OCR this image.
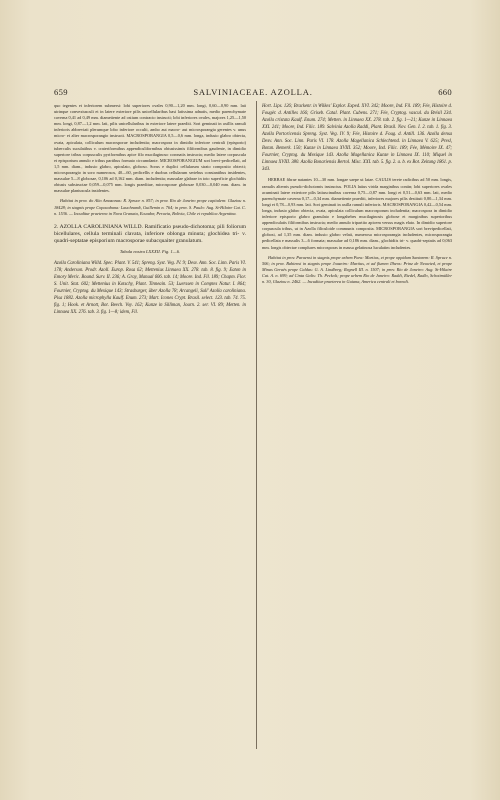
659	SALVINIACEAE. AZOLLA.	660

quo tegentes et inferiorem submersi: lobi superiores ovales 0,90—1,20 mm. longi, 0,60—0,90 mm. lati utrinque convexiusculi et in latere exteriore pilis unicellularibus basi latissima adnatis, medio parenchymate caverna 0,41 ad 0,49 mm. diametiente ad ostium contracto instructi; lobi inferiores ovales, majores 1,25—1,50 mm. longi, 0,87—1,2 mm. lati, pilis unicellularibus in exteriore latere praediti. Sori geminati in axillis ramuli inferioris abbreviati plerumque lobo inferiore occulti, ambo aut macro- aut microsporangia gerentes v. unus micro- et alter macrosporangio instructi. MACROSPORANGIA 0,5—0,6 mm. longa, indusio glabro obtecta, ovata, apiculata, colliculum macrosporae includentia; macrospora in dimidio inferiore centrali (episporio) tuberculis suculatibus v. crateriformibus appendiculiformibus obtusissimis filiformibus gaudente, in dimidio superiore tribus corpusculis pyriformibus apice filo mucilaginoso coronatis instructa; medio latere corpuscula et episporium annulo e tribus partibus formato circumdante. MICROSPORANGIUM sori brevi-pedicellati, ad 1,5 mm. diam., indusio glabro, apiculato, globoso. Sorus e duplici cellularum strato composito obtecti; microsporangio in soro numerosos, 40—60, pedicellis e duobus cellularum seriebus constantibus insidentes, massulae 5—8 globosae, 0,106 ad 0,162 mm. diam. includentia; massulae glabrae in toto superficie glochidiis obtusis substructae 0,059—0,075 mm. longis praeditae, microsporae globosae 0,030—0,040 mm. diam. in massulae planiuscula insidentes.

Habitat in prov. do Alto Amazonas: R. Spruce n. 857; in prov. Rio de Janeiro prope capitalem: Glaziou n. 18428; in stagnis prope Copacabana: Lauchnardt, Guillemin n. 764; in prov. S. Paulo: Aug. St-Hilaire Cat. C. n. 1536. — Incuditur praeterea in Nova Granata, Ecuador, Peruvia, Bolivia, Chile et republica Argentina.

2. AZOLLA CAROLINIANA WILLD. Ramificatio pseudo-dichotoma; pili foliorum bicellulares, cellula terminali clavata, inferiore oblonga minuta; glochidea tri- v. quadri-septatae episporium macrosporae subacquaiter granulatum.

Tabula nostra LXXXII. Fig. 1—6.

Azolla Caroliniana Willd. Spec. Plant. V. 541; Spreng. Syst. Veg. IV. 9; Desv. Ann. Soc. Linn. Paris VI. 178; Anderson. Prodr. Azoll. Europ. Rosa 62; Mettenius Linnaea XX. 278. tab. 8. fig. 9; Eaton in Emory Meric. Bound. Surv. II. 236; A. Gray, Manual 606. tab. 14; Moore. Ind. Fil. 189; Chapm. Flor. S. Unit. Stat. 602; Mettenius in Kotschy, Plant. Tinneain. 53; Luerssen in Comptes Natur. I. 864; Fournier, Cryptog. du Mexique 143; Strasburger, über Azolla 78; Arcangeli, Sull' Azolla caroliniana. Pisa 1882. Azolla microphylla Kaulf. Enum. 273; Mart. Icones Crypt. Brasil. select. 123. tab. 74. 75. fig. 1; Hook. et Arnott, Bot. Beech. Voy. 162; Kunze in Silliman, Journ. 2. ser. VI. 89; Metten. in Linnaea XX. 276. tab. 3. fig. 1—8; idem, Fil.

Hort. Lips. 126; Brackenr. in Wilkes' Explor. Exped. XVI. 342; Moore, Ind. Fil. 189; Fée, Histoire d. Fougèr. d. Antilles 166; Griseb. Catal. Plant. Cubens. 271; Fée, Cryptog. vascul. du Brésil 234. Azolla cristata Kaulf. Enum. 274; Metten. in Linnaea XX. 278. tab. 2. fig. 1—21; Kunze in Linnaea XXI. 241; Moore, Ind. Filic. 189. Salvinia Azolla Raddi, Plant. Brasil. Nov. Gen. I. 2. tab. 1. fig. 3. Azolla Portoricensis Spreng. Syst. Veg. IV. 9; Fée, Histoire d. Foug. d. Antill. 136. Azolla densa Desv. Ann. Soc. Linn. Paris VI. 178. Azolla Magellanica Schlechtend. in Linnaea V. 625; Presl, Botan. Bemerk. 150; Kunze in Linnaea XVIII. 352; Moore, Ind. Filic. 189; Fée, Mémoire IX. 47; Fournier, Cryptog. du Mexique 143. Azolla Magellanica Kunze in Linnaea IX. 110; Miquel in Linnaea XVIII. 380. Azolla Bonariensis Bertol. Misc. XXI. tab. 5. fig. 2. a. b. ex Bot. Zeitung 1861. p. 343.

HERBAE fibrae natantes 10—30 mm. longae saepe ut latae. CAULIS terete radicibus ad 50 mm. longis, ramulis alternis pseudo-dichotomis instructus. FOLIA latius virida marginibus contin; lobi superiores ovales acuminati latere exteriore pilis latiuscinuibus caverna 0,75—0,87 mm. longi et 0,51—0,63 mm. lati, medio parenchymate caverna 0,17—0,34 mm. diametiente praediti, inferiores majores pilis destituti 0,80—1,34 mm. longi et 0,78—0,93 mm. lati. Sori geminati in axilla ramuli inferioris. MACROSPORANGIA 0,42—0,54 mm. longa, indusio glabro obtecta, ovata, apiculata colliculum macrosporum includentia; macrospora in dimidio inferiore episporio glabro granulato e longahebes mucilaginosis globose et marginibus superioribus appendiculatis filiformibus instructa; medio annulo tripartito apicem versus magis elato. In dimidio superiore corpuscula tribus, ut in Azolla filiculoide communis composita. MICROSPORANGIA sori brevipedicellati, globosi, ad 1,35 mm. diam. indusio glabro velati, numerosa microsporangia includentes, microsporangia pedicellata e massulis 3—6 formata; massulae ad 0,186 mm. diam., glochidiis tri- v. quadri-septatis ad 0,063 mm. longis obtectae complures microsporas in massa gelatinosa luculatim includentes.

Habitat in prov. Paraensi in stagnis prope urbem Para: Martius, et prope oppidum Santarem: R. Spruce n. 506; in prov. Bahiensi in stagnis prope Joazeiro: Martius, et ad flumen Ilheos: Prinz de Neuwied, et prope Minas Geraës prope Caldas: G. A. Lindberg; Regnell III. n. 1507; in prov. Rio de Janeiro: Aug. St-Hilaire Cat. A. n. 699; ad Cinta Galis: Th. Peckolt; prope urbem Rio de Janeiro: Raddi, Riedel, Radlo, Schottmüller n. 30, Glaziou n. 2462. — Incuditur praeterea in Guiana, America centrali et boreali.
